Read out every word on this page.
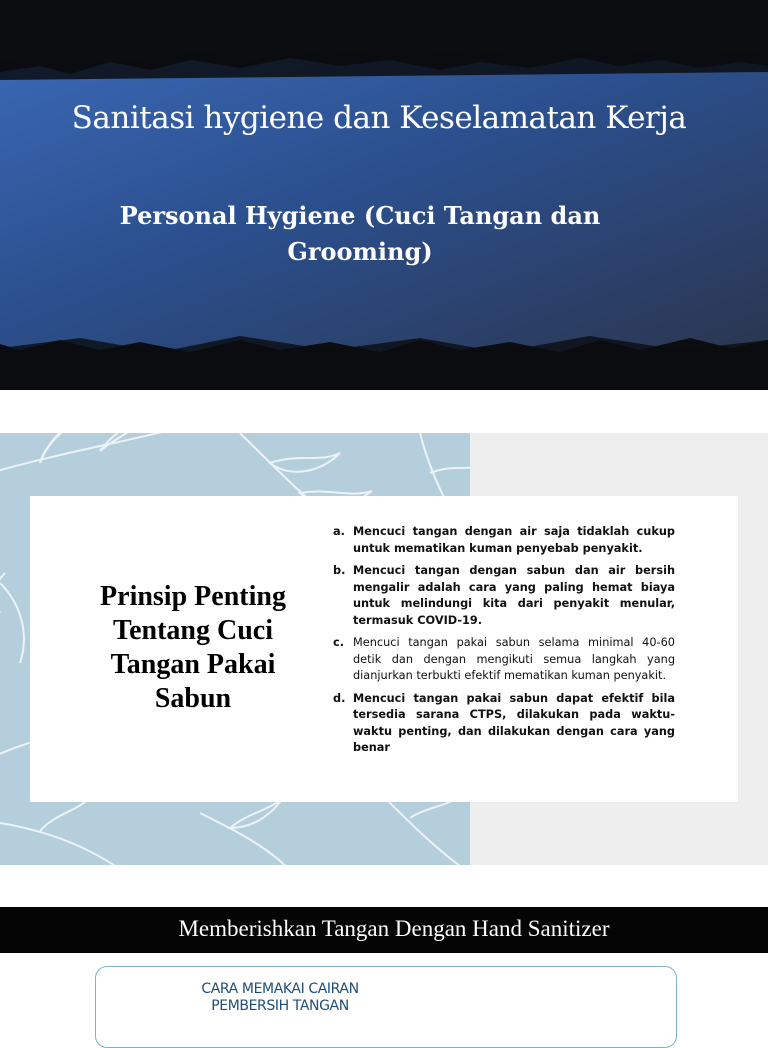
Sanitasi hygiene dan Keselamatan Kerja
Personal Hygiene (Cuci Tangan dan Grooming)
Prinsip Penting Tentang Cuci Tangan Pakai Sabun
a. Mencuci tangan dengan air saja tidaklah cukup untuk mematikan kuman penyebab penyakit.
b. Mencuci tangan dengan sabun dan air bersih mengalir adalah cara yang paling hemat biaya untuk melindungi kita dari penyakit menular, termasuk COVID-19.
c. Mencuci tangan pakai sabun selama minimal 40-60 detik dan dengan mengikuti semua langkah yang dianjurkan terbukti efektif mematikan kuman penyakit.
d. Mencuci tangan pakai sabun dapat efektif bila tersedia sarana CTPS, dilakukan pada waktu-waktu penting, dan dilakukan dengan cara yang benar
Memberishkan Tangan Dengan Hand Sanitizer
CARA MEMAKAI CAIRAN
PEMBERSIH TANGAN
